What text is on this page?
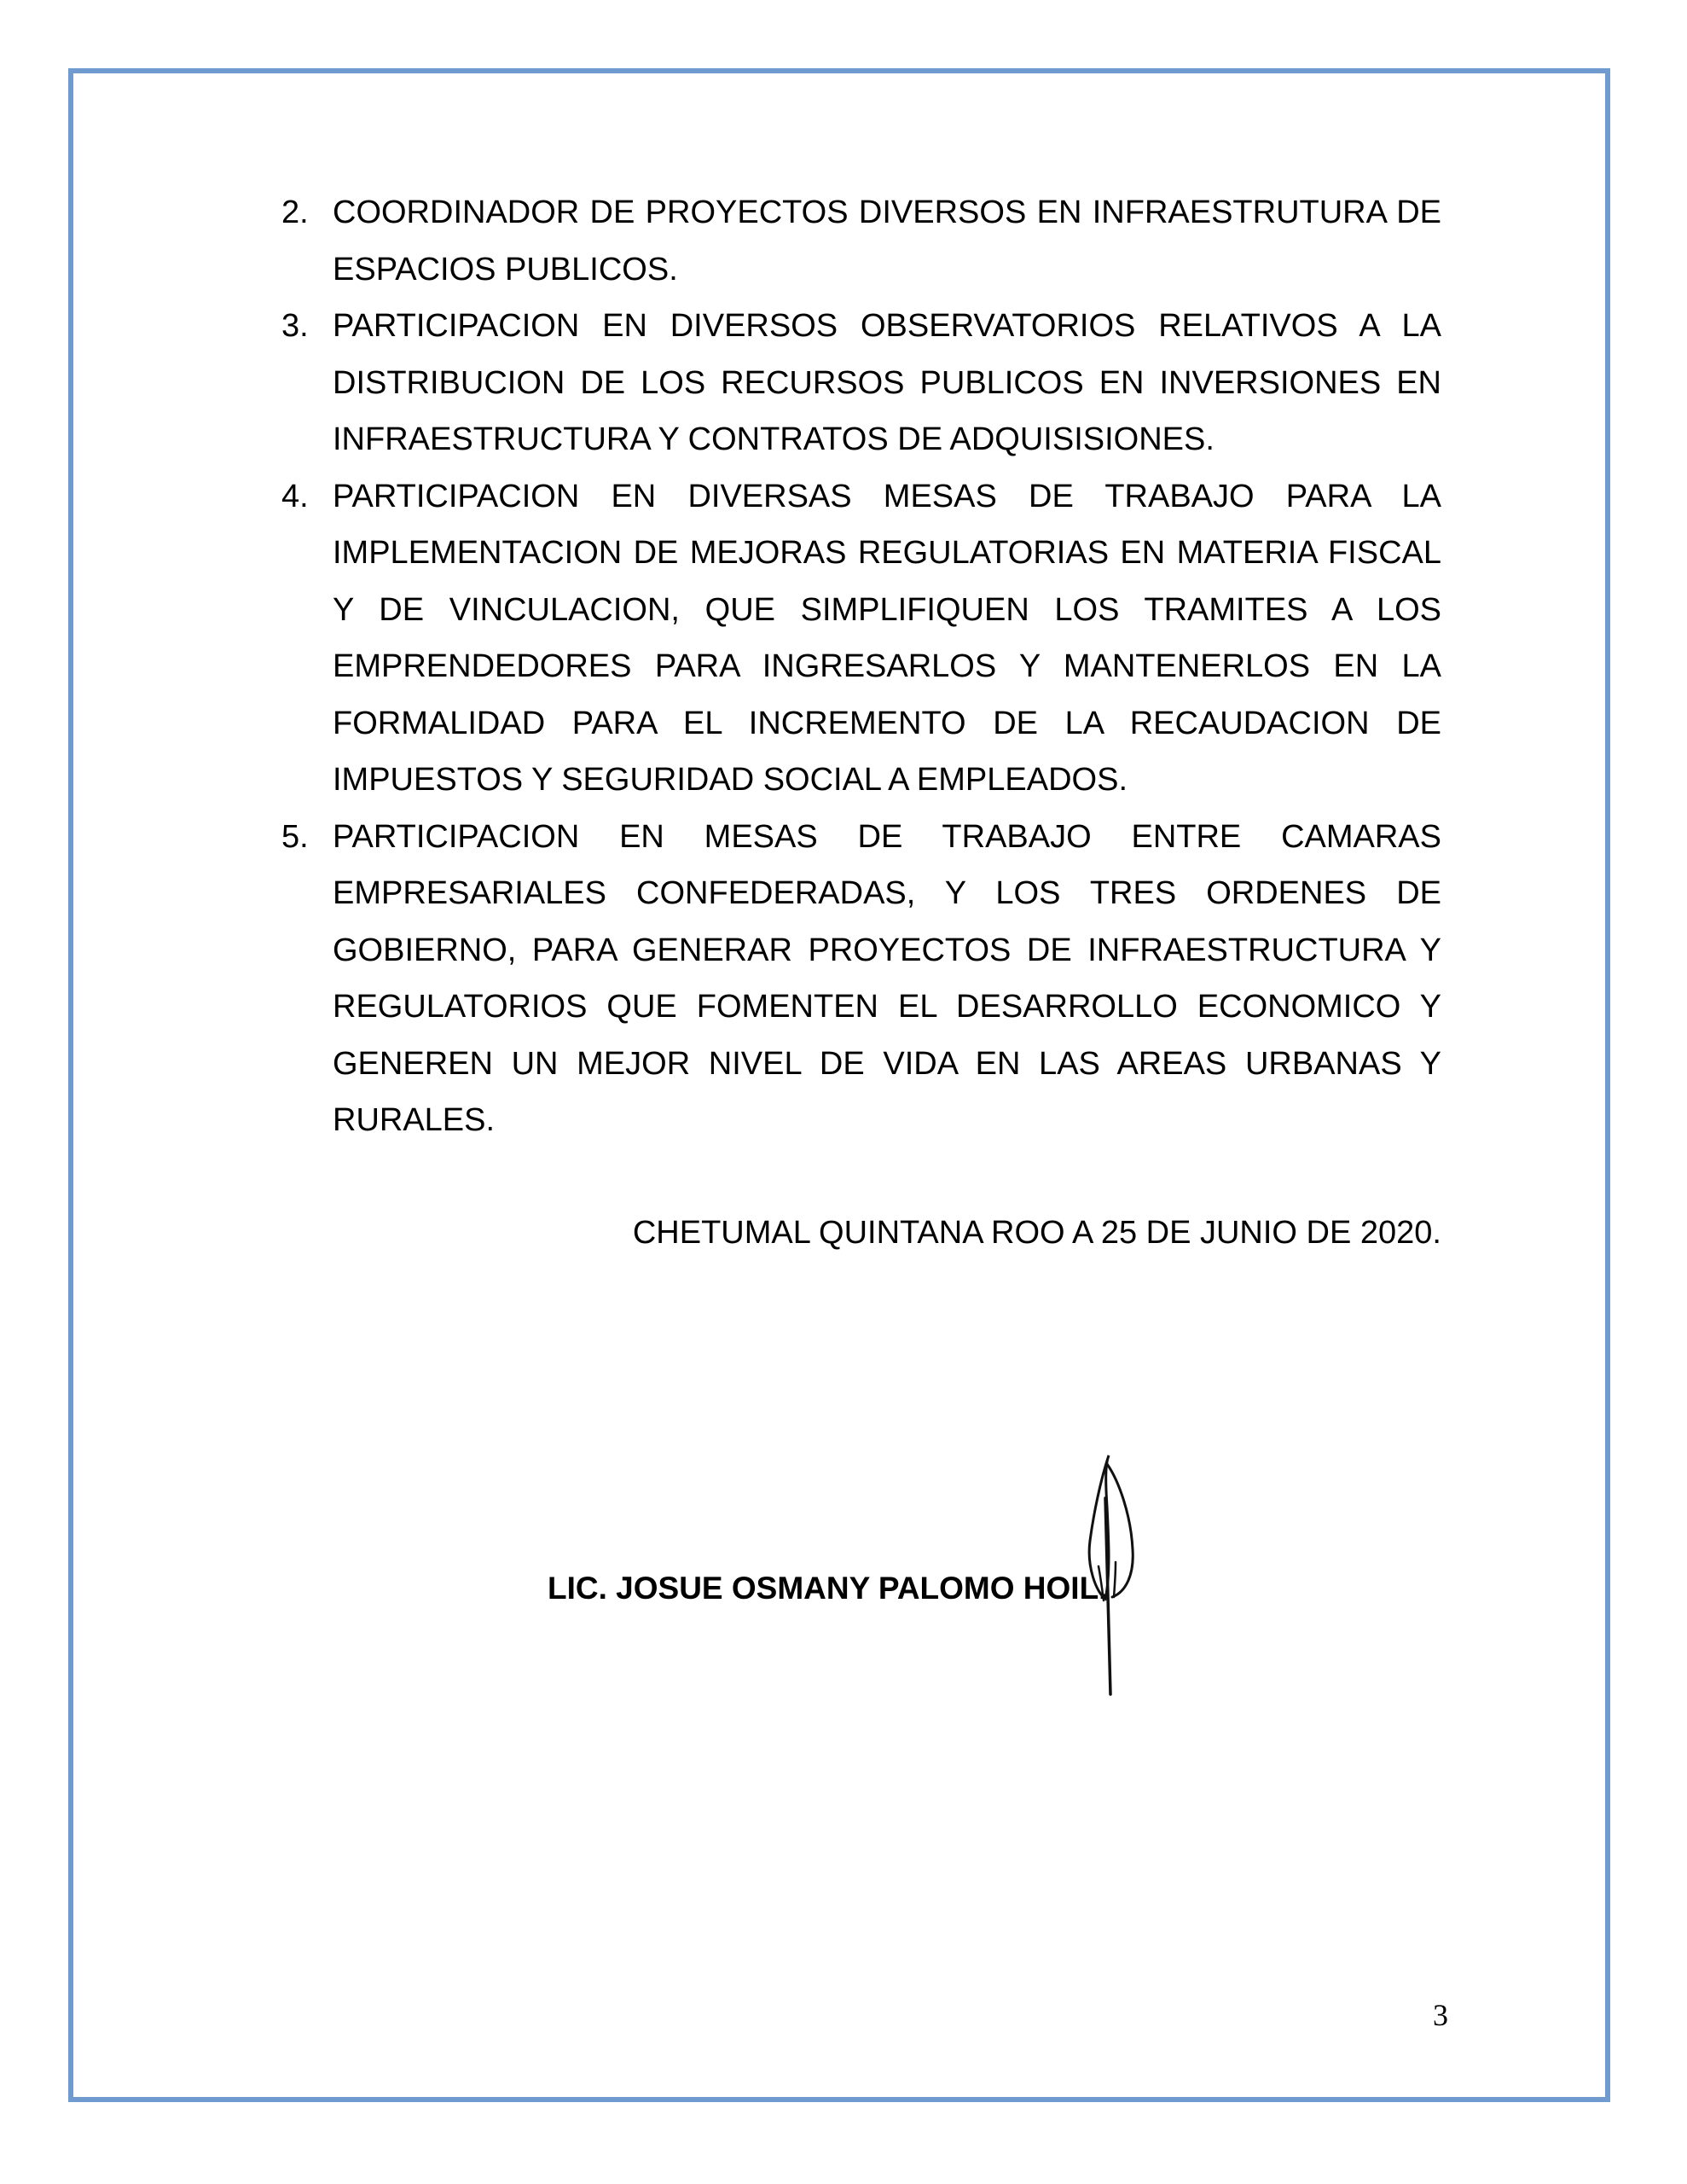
2. COORDINADOR DE PROYECTOS DIVERSOS EN INFRAESTRUTURA DE ESPACIOS PUBLICOS.
3. PARTICIPACION EN DIVERSOS OBSERVATORIOS RELATIVOS A LA DISTRIBUCION DE LOS RECURSOS PUBLICOS EN INVERSIONES EN INFRAESTRUCTURA Y CONTRATOS DE ADQUISISIONES.
4. PARTICIPACION EN DIVERSAS MESAS DE TRABAJO PARA LA IMPLEMENTACION DE MEJORAS REGULATORIAS EN MATERIA FISCAL Y DE VINCULACION, QUE SIMPLIFIQUEN LOS TRAMITES A LOS EMPRENDEDORES PARA INGRESARLOS Y MANTENERLOS EN LA FORMALIDAD PARA EL INCREMENTO DE LA RECAUDACION DE IMPUESTOS Y SEGURIDAD SOCIAL A EMPLEADOS.
5. PARTICIPACION EN MESAS DE TRABAJO ENTRE CAMARAS EMPRESARIALES CONFEDERADAS, Y LOS TRES ORDENES DE GOBIERNO, PARA GENERAR PROYECTOS DE INFRAESTRUCTURA Y REGULATORIOS QUE FOMENTEN EL DESARROLLO ECONOMICO Y GENEREN UN MEJOR NIVEL DE VIDA EN LAS AREAS URBANAS Y RURALES.
CHETUMAL QUINTANA ROO A 25 DE JUNIO DE 2020.
LIC. JOSUE OSMANY PALOMO HOIL.
3
